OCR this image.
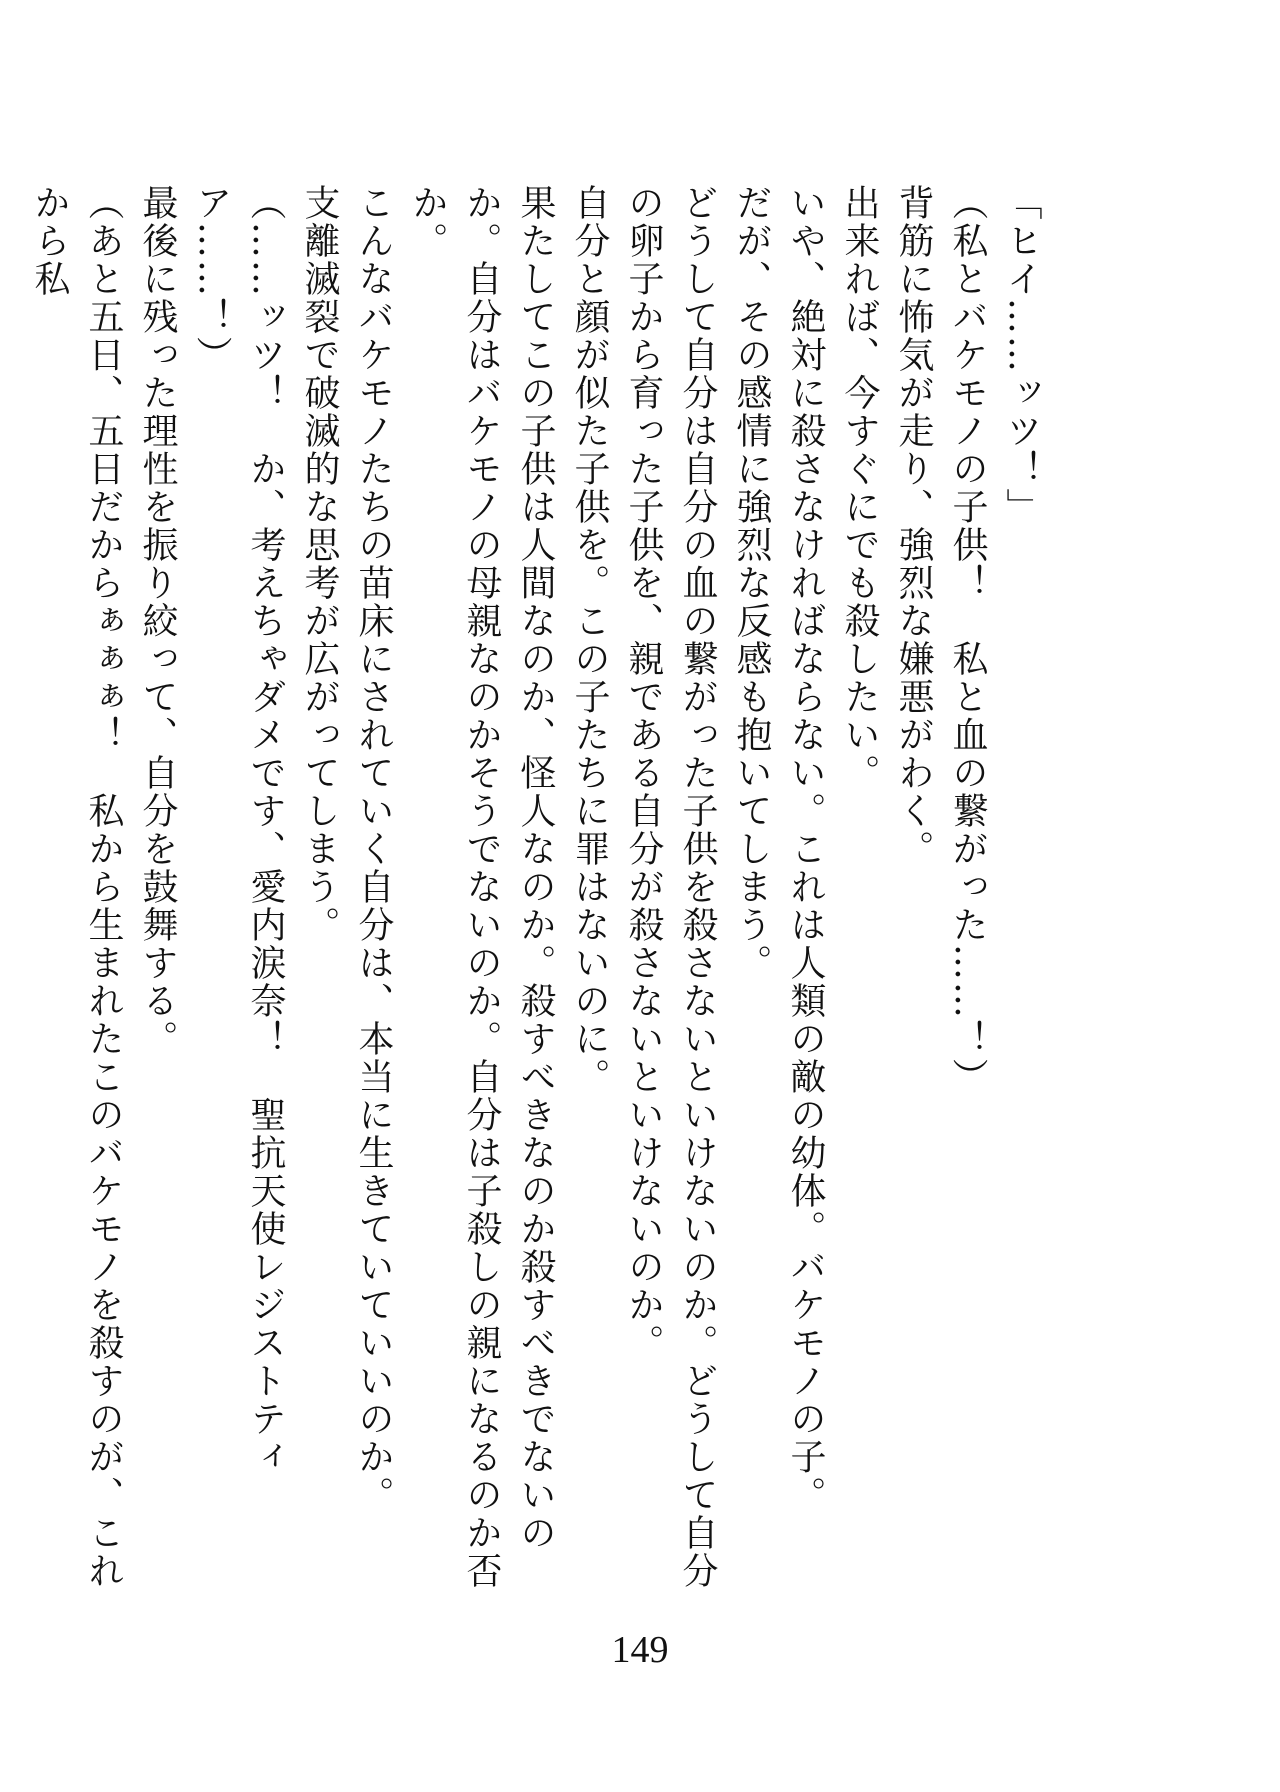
「ヒイ……ッツ！」

（私とバケモノの子供！　私と血の繋がった……！）

背筋に怖気が走り、強烈な嫌悪がわく。

出来れば、今すぐにでも殺したい。

いや、絶対に殺さなければならない。これは人類の敵の幼体。バケモノの子。

だが、その感情に強烈な反感も抱いてしまう。

どうして自分は自分の血の繋がった子供を殺さないといけないのか。どうして自分の卵子から育った子供を、親である自分が殺さないといけないのか。

自分と顔が似た子供を。この子たちに罪はないのに。

果たしてこの子供は人間なのか、怪人なのか。殺すべきなのか殺すべきでないのか。自分はバケモノの母親なのかそうでないのか。自分は子殺しの親になるのか否か。

こんなバケモノたちの苗床にされていく自分は、本当に生きていていいのか。

支離滅裂で破滅的な思考が広がってしまう。

（……ッツ！　か、考えちゃダメです、愛内涙奈！　聖抗天使レジストティア……！）

最後に残った理性を振り絞って、自分を鼓舞する。

（あと五日、五日だからぁぁぁ！　私から生まれたこのバケモノを殺すのが、これから私

149
